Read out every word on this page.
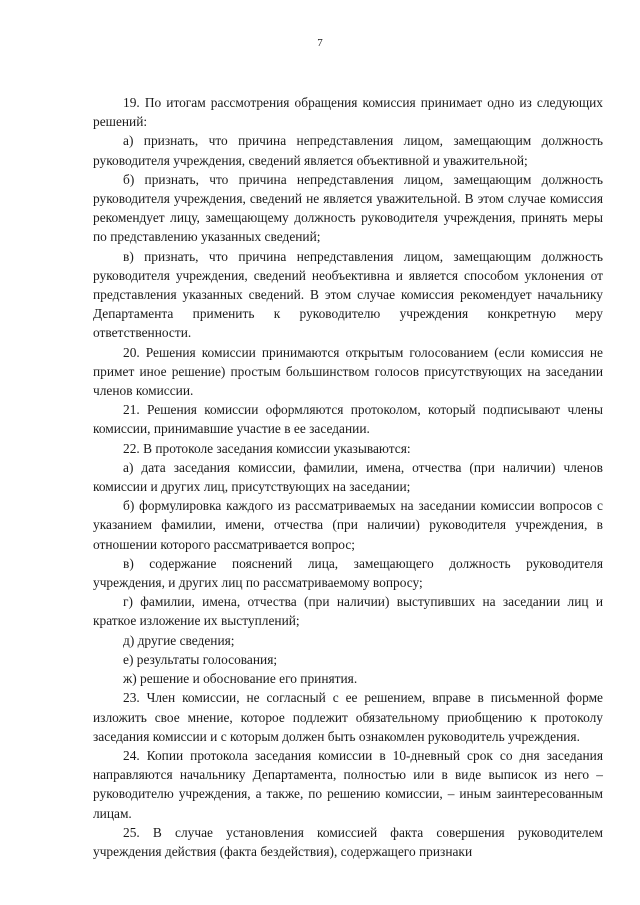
7

19. По итогам рассмотрения обращения комиссия принимает одно из следующих решений:

а) признать, что причина непредставления лицом, замещающим должность руководителя учреждения, сведений является объективной и уважительной;

б) признать, что причина непредставления лицом, замещающим должность руководителя учреждения, сведений не является уважительной. В этом случае комиссия рекомендует лицу, замещающему должность руководителя учреждения, принять меры по представлению указанных сведений;

в) признать, что причина непредставления лицом, замещающим должность руководителя учреждения, сведений необъективна и является способом уклонения от представления указанных сведений. В этом случае комиссия рекомендует начальнику Департамента применить к руководителю учреждения конкретную меру ответственности.

20. Решения комиссии принимаются открытым голосованием (если комиссия не примет иное решение) простым большинством голосов присутствующих на заседании членов комиссии.

21. Решения комиссии оформляются протоколом, который подписывают члены комиссии, принимавшие участие в ее заседании.

22. В протоколе заседания комиссии указываются:

а) дата заседания комиссии, фамилии, имена, отчества (при наличии) членов комиссии и других лиц, присутствующих на заседании;

б) формулировка каждого из рассматриваемых на заседании комиссии вопросов с указанием фамилии, имени, отчества (при наличии) руководителя учреждения, в отношении которого рассматривается вопрос;

в) содержание пояснений лица, замещающего должность руководителя учреждения, и других лиц по рассматриваемому вопросу;

г) фамилии, имена, отчества (при наличии) выступивших на заседании лиц и краткое изложение их выступлений;

д) другие сведения;

е) результаты голосования;

ж) решение и обоснование его принятия.

23. Член комиссии, не согласный с ее решением, вправе в письменной форме изложить свое мнение, которое подлежит обязательному приобщению к протоколу заседания комиссии и с которым должен быть ознакомлен руководитель учреждения.

24. Копии протокола заседания комиссии в 10-дневный срок со дня заседания направляются начальнику Департамента, полностью или в виде выписок из него – руководителю учреждения, а также, по решению комиссии, – иным заинтересованным лицам.

25. В случае установления комиссией факта совершения руководителем учреждения действия (факта бездействия), содержащего признаки
